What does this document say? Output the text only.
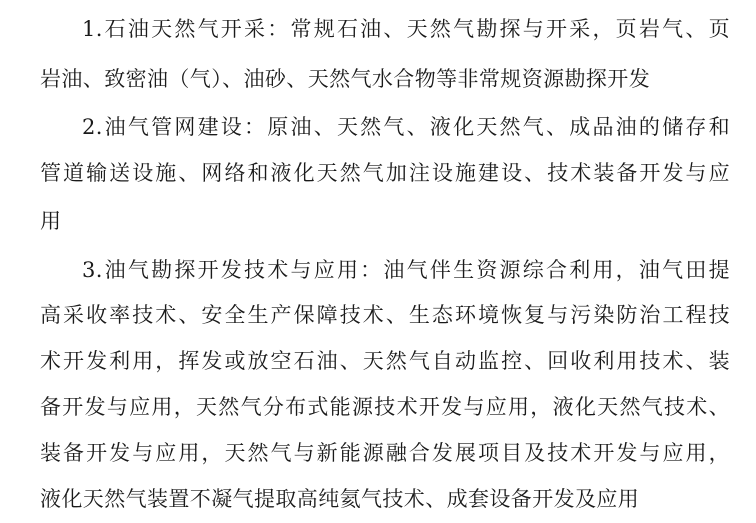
1.石油天然气开采：常规石油、天然气勘探与开采，页岩气、页
岩油、致密油（气）、油砂、天然气水合物等非常规资源勘探开发
2.油气管网建设：原油、天然气、液化天然气、成品油的储存和
管道输送设施、网络和液化天然气加注设施建设、技术装备开发与应
用
3.油气勘探开发技术与应用：油气伴生资源综合利用，油气田提
高采收率技术、安全生产保障技术、生态环境恢复与污染防治工程技
术开发利用，挥发或放空石油、天然气自动监控、回收利用技术、装
备开发与应用，天然气分布式能源技术开发与应用，液化天然气技术、
装备开发与应用，天然气与新能源融合发展项目及技术开发与应用，
液化天然气装置不凝气提取高纯氦气技术、成套设备开发及应用
